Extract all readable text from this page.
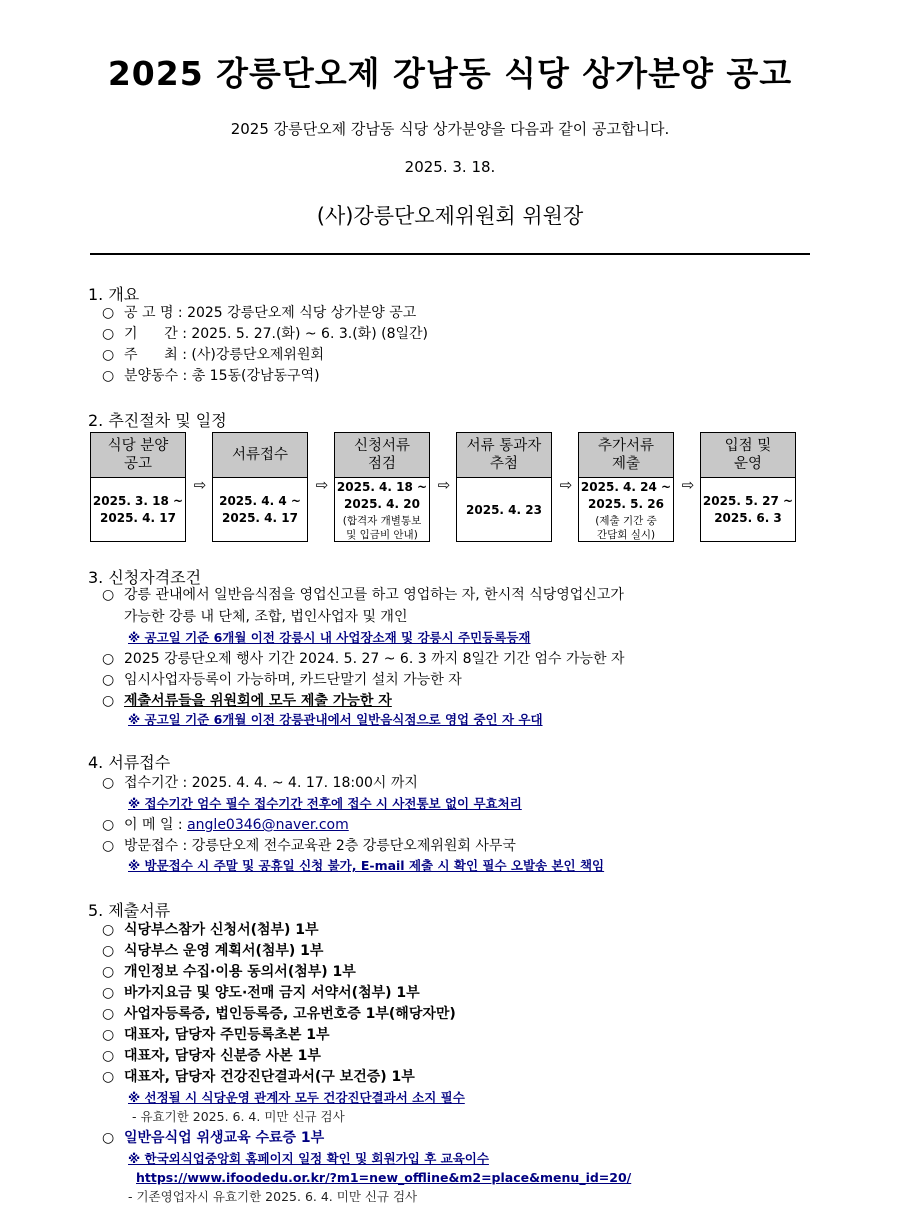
2025 강릉단오제 강남동 식당 상가분양 공고
2025 강릉단오제 강남동 식당 상가분양을 다음과 같이 공고합니다.
2025. 3. 18.
(사)강릉단오제위원회 위원장
1. 개요
○ 공 고 명 : 2025 강릉단오제 식당 상가분양 공고
○ 기      간 : 2025. 5. 27.(화) ~ 6. 3.(화) (8일간)
○ 주      최 : (사)강릉단오제위원회
○ 분양동수 : 총 15동(강남동구역)
2. 추진절차 및 일정
식당 분양
공고
2025. 3. 18 ~
2025. 4. 17
⇨
서류접수
2025. 4. 4 ~
2025. 4. 17
⇨
신청서류
점검
2025. 4. 18 ~
2025. 4. 20
(합격자 개별통보
및 입금비 안내)
⇨
서류 통과자
추첨
2025. 4. 23
⇨
추가서류
제출
2025. 4. 24 ~
2025. 5. 26
(제출 기간 중
간담회 실시)
⇨
입점 및
운영
2025. 5. 27 ~
2025. 6. 3
3. 신청자격조건
○ 강릉 관내에서 일반음식점을 영업신고를 하고 영업하는 자, 한시적 식당영업신고가
가능한 강릉 내 단체, 조합, 법인사업자 및 개인
※ 공고일 기준 6개월 이전 강릉시 내 사업장소재 및 강릉시 주민등록등재
○ 2025 강릉단오제 행사 기간 2024. 5. 27 ~ 6. 3 까지 8일간 기간 엄수 가능한 자
○ 임시사업자등록이 가능하며, 카드단말기 설치 가능한 자
○ 제출서류들을 위원회에 모두 제출 가능한 자
※ 공고일 기준 6개월 이전 강릉관내에서 일반음식점으로 영업 중인 자 우대
4. 서류접수
○ 접수기간 : 2025. 4. 4. ~ 4. 17. 18:00시 까지
※ 접수기간 엄수 필수 접수기간 전후에 접수 시 사전통보 없이 무효처리
○ 이 메 일 : angle0346@naver.com
○ 방문접수 : 강릉단오제 전수교육관 2층 강릉단오제위원회 사무국
※ 방문접수 시 주말 및 공휴일 신청 불가, E-mail 제출 시 확인 필수 오발송 본인 책임
5. 제출서류
○ 식당부스참가 신청서(첨부) 1부
○ 식당부스 운영 계획서(첨부) 1부
○ 개인정보 수집·이용 동의서(첨부) 1부
○ 바가지요금 및 양도·전매 금지 서약서(첨부) 1부
○ 사업자등록증, 법인등록증, 고유번호증 1부(해당자만)
○ 대표자, 담당자 주민등록초본 1부
○ 대표자, 담당자 신분증 사본 1부
○ 대표자, 담당자 건강진단결과서(구 보건증) 1부
※ 선정될 시 식당운영 관계자 모두 건강진단결과서 소지 필수
- 유효기한 2025. 6. 4. 미만 신규 검사
○ 일반음식업 위생교육 수료증 1부
※ 한국외식업중앙회 홈페이지 일정 확인 및 회원가입 후 교육이수
https://www.ifoodedu.or.kr/?m1=new_offline&m2=place&menu_id=20/
- 기존영업자시 유효기한 2025. 6. 4. 미만 신규 검사
